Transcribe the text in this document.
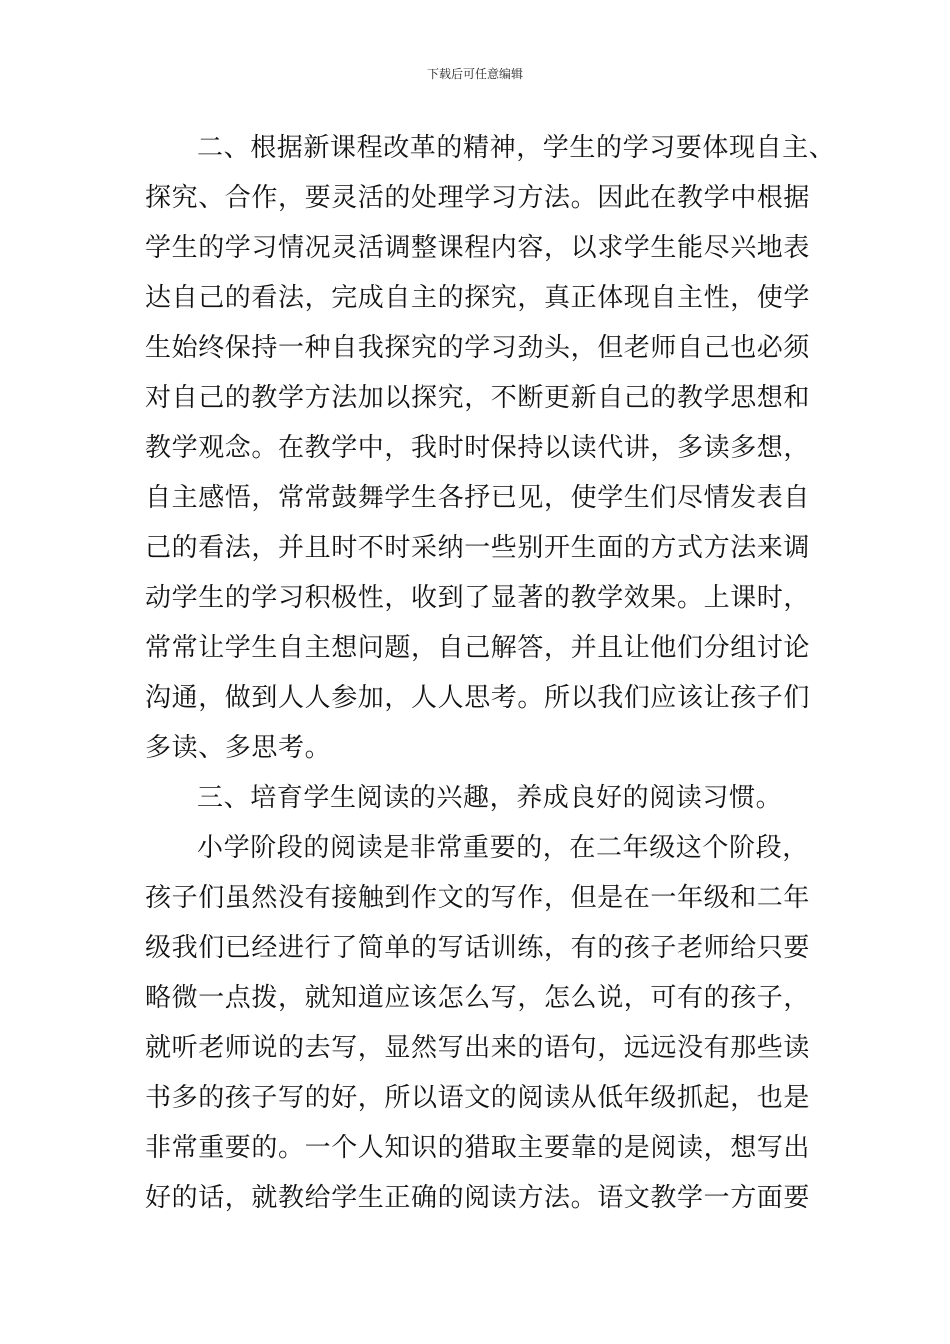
下载后可任意编辑
二、根据新课程改革的精神，学生的学习要体现自主、
探究、合作，要灵活的处理学习方法。因此在教学中根据
学生的学习情况灵活调整课程内容，以求学生能尽兴地表
达自己的看法，完成自主的探究，真正体现自主性，使学
生始终保持一种自我探究的学习劲头，但老师自己也必须
对自己的教学方法加以探究，不断更新自己的教学思想和
教学观念。在教学中，我时时保持以读代讲，多读多想，
自主感悟，常常鼓舞学生各抒已见，使学生们尽情发表自
己的看法，并且时不时采纳一些别开生面的方式方法来调
动学生的学习积极性，收到了显著的教学效果。上课时，
常常让学生自主想问题，自己解答，并且让他们分组讨论
沟通，做到人人参加，人人思考。所以我们应该让孩子们
多读、多思考。
三、培育学生阅读的兴趣，养成良好的阅读习惯。
小学阶段的阅读是非常重要的，在二年级这个阶段，
孩子们虽然没有接触到作文的写作，但是在一年级和二年
级我们已经进行了简单的写话训练，有的孩子老师给只要
略微一点拨，就知道应该怎么写，怎么说，可有的孩子，
就听老师说的去写，显然写出来的语句，远远没有那些读
书多的孩子写的好，所以语文的阅读从低年级抓起，也是
非常重要的。一个人知识的猎取主要靠的是阅读，想写出
好的话，就教给学生正确的阅读方法。语文教学一方面要
